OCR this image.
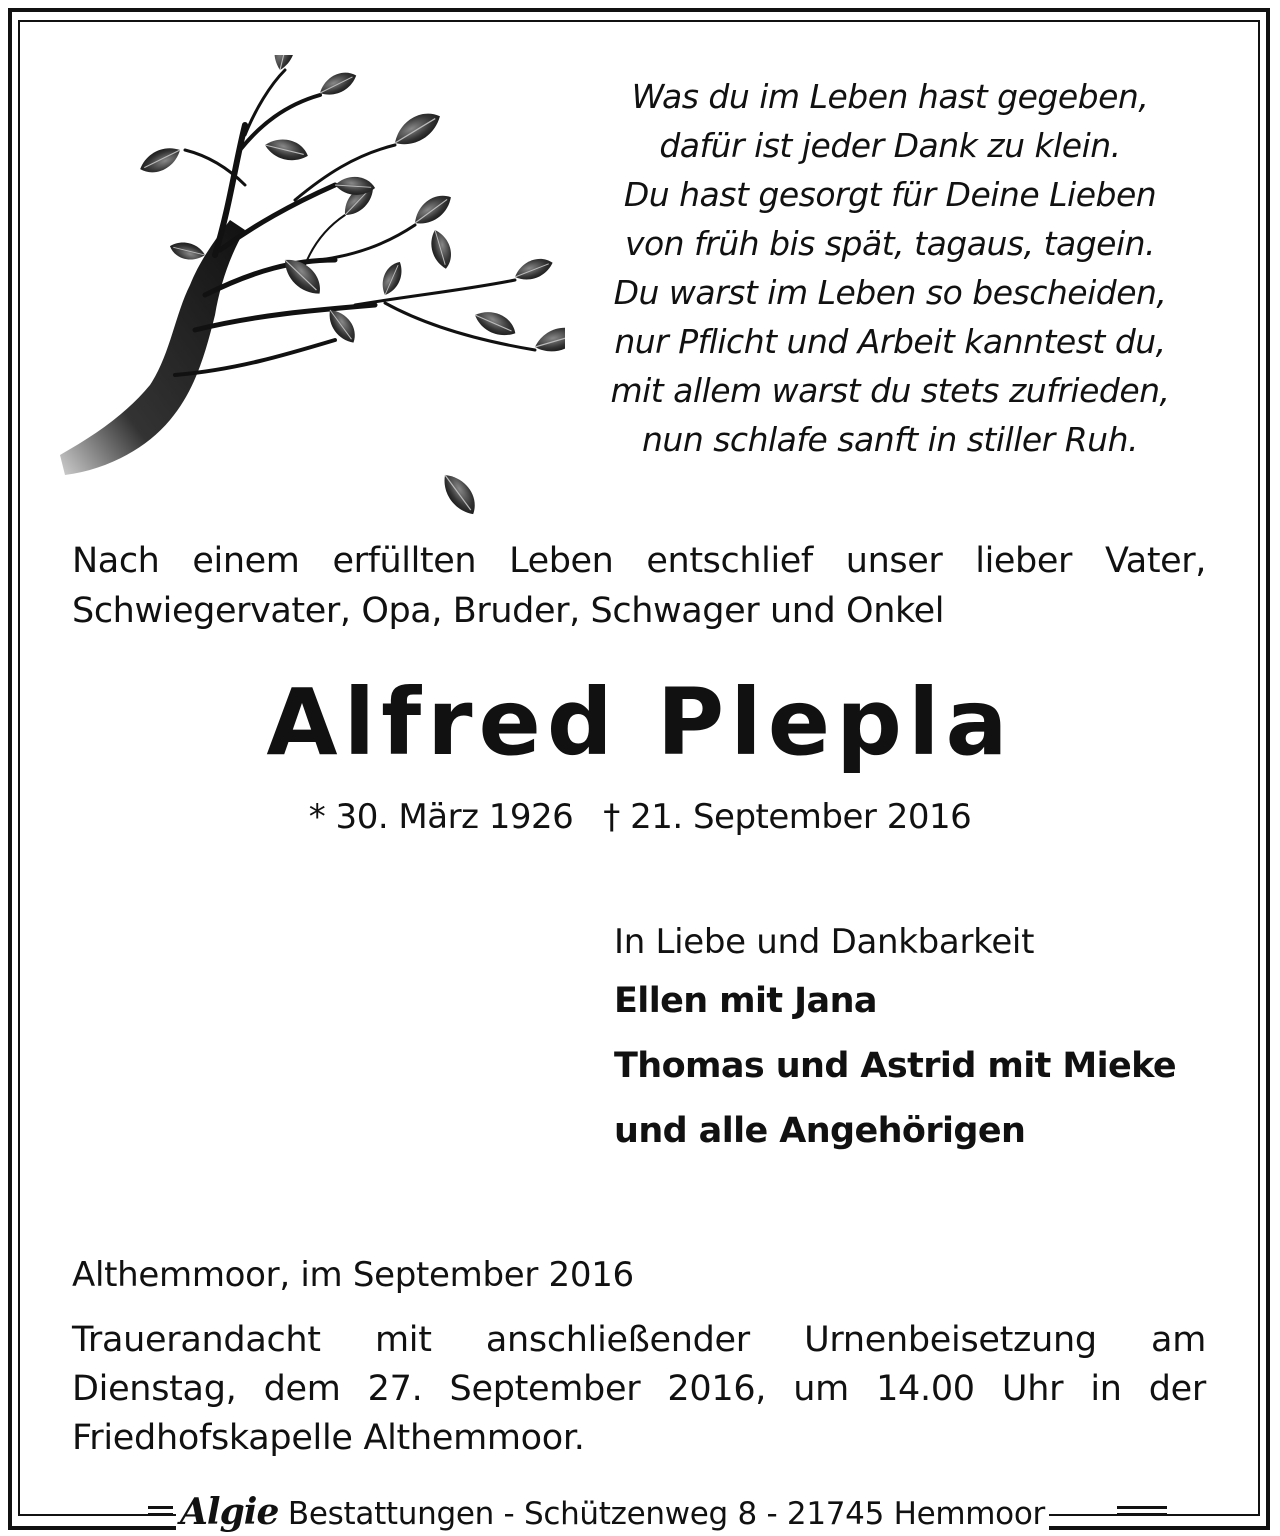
Was du im Leben hast gegeben,
dafür ist jeder Dank zu klein.
Du hast gesorgt für Deine Lieben
von früh bis spät, tagaus, tagein.
Du warst im Leben so bescheiden,
nur Pflicht und Arbeit kanntest du,
mit allem warst du stets zufrieden,
nun schlafe sanft in stiller Ruh.
Nach einem erfüllten Leben entschlief unser lieber Vater,
Schwiegervater, Opa, Bruder, Schwager und Onkel
Alfred Plepla
* 30. März 1926 † 21. September 2016
In Liebe und Dankbarkeit
Ellen mit Jana
Thomas und Astrid mit Mieke
und alle Angehörigen
Althemmoor, im September 2016
Trauerandacht mit anschließender Urnenbeisetzung am
Dienstag, dem 27. September 2016, um 14.00 Uhr in der
Friedhofskapelle Althemmoor.
Algie Bestattungen - Schützenweg 8 - 21745 Hemmoor
